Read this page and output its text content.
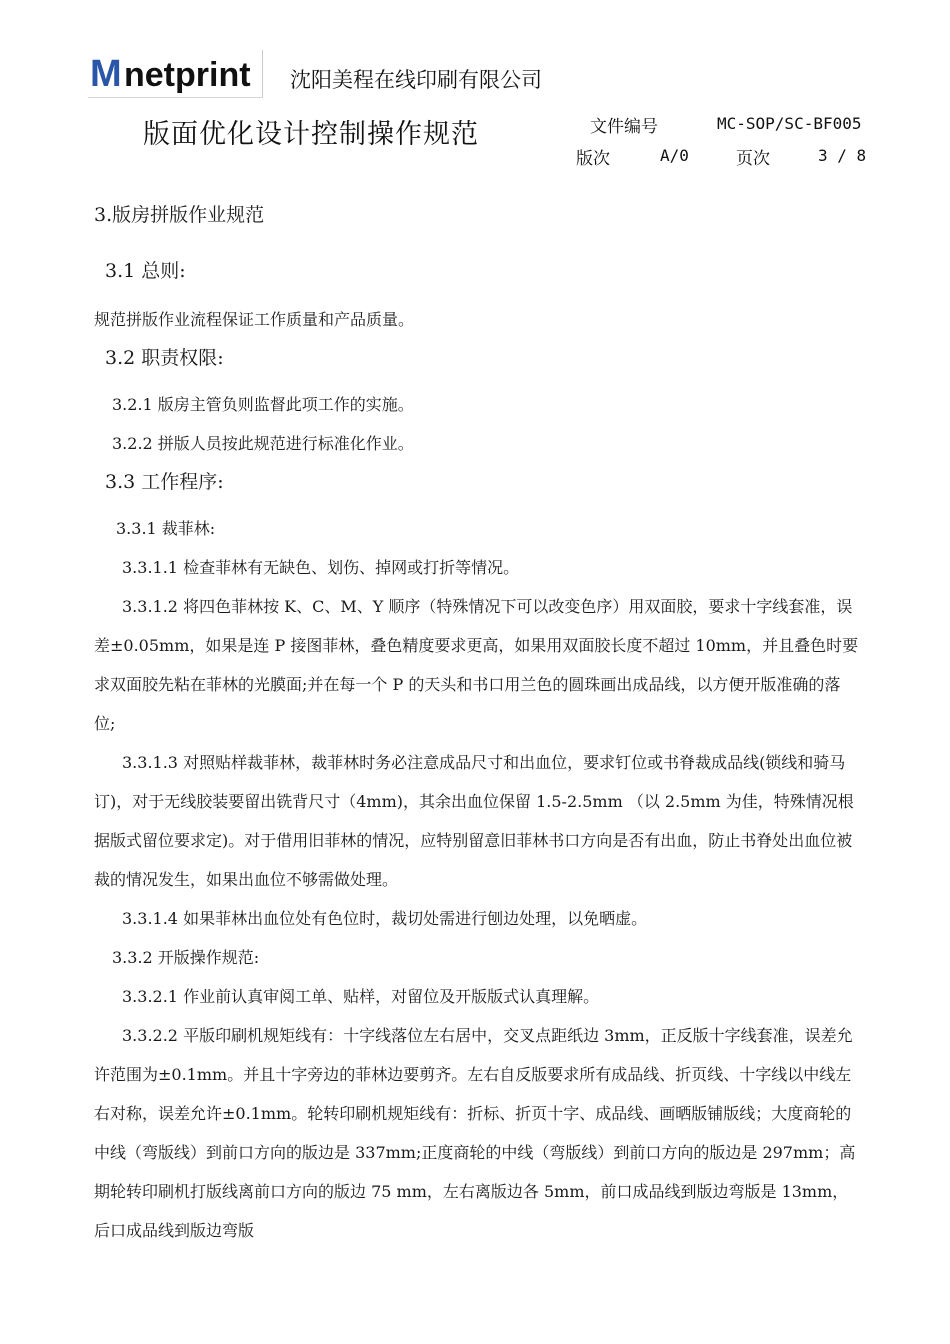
M netprint 沈阳美程在线印刷有限公司
版面优化设计控制操作规范	文件编号	MC-SOP/SC-BF005
版次	A/0	页次	3 / 8

3.版房拼版作业规范

3.1 总则:

规范拼版作业流程保证工作质量和产品质量。

3.2 职责权限:

3.2.1 版房主管负则监督此项工作的实施。

3.2.2 拼版人员按此规范进行标准化作业。

3.3 工作程序:

3.3.1 裁菲林:

3.3.1.1 检查菲林有无缺色、划伤、掉网或打折等情况。

3.3.1.2 将四色菲林按 K、C、M、Y 顺序（特殊情况下可以改变色序）用双面胶，要求十字线套准，误差±0.05mm，如果是连 P 接图菲林，叠色精度要求更高，如果用双面胶长度不超过 10mm，并且叠色时要求双面胶先粘在菲林的光膜面;并在每一个 P 的天头和书口用兰色的圆珠画出成品线，以方便开版准确的落位;

3.3.1.3 对照贴样裁菲林，裁菲林时务必注意成品尺寸和出血位，要求钉位或书脊裁成品线(锁线和骑马订)，对于无线胶装要留出铣背尺寸（4mm)，其余出血位保留 1.5-2.5mm （以 2.5mm 为佳，特殊情况根据版式留位要求定)。对于借用旧菲林的情况，应特别留意旧菲林书口方向是否有出血，防止书脊处出血位被裁的情况发生，如果出血位不够需做处理。

3.3.1.4 如果菲林出血位处有色位时，裁切处需进行刨边处理，以免晒虚。

3.3.2 开版操作规范:

3.3.2.1 作业前认真审阅工单、贴样，对留位及开版版式认真理解。

3.3.2.2 平版印刷机规矩线有：十字线落位左右居中，交叉点距纸边 3mm，正反版十字线套准，误差允许范围为±0.1mm。并且十字旁边的菲林边要剪齐。左右自反版要求所有成品线、折页线、十字线以中线左右对称，误差允许±0.1mm。轮转印刷机规矩线有：折标、折页十字、成品线、画晒版铺版线；大度商轮的中线（弯版线）到前口方向的版边是 337mm;正度商轮的中线（弯版线）到前口方向的版边是 297mm；高期轮转印刷机打版线离前口方向的版边 75 mm，左右离版边各 5mm，前口成品线到版边弯版是 13mm，后口成品线到版边弯版
